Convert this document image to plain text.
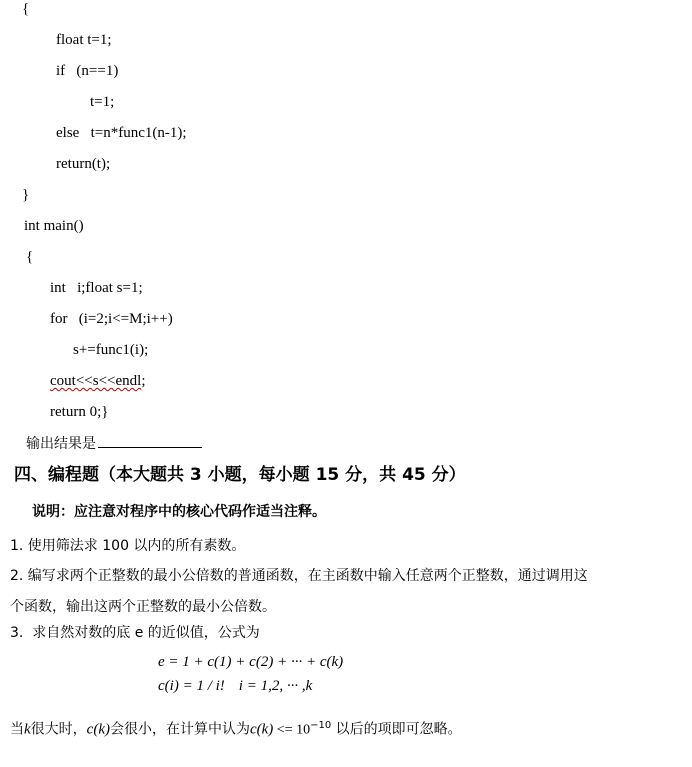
{
float t=1;
if   (n==1)
t=1;
else   t=n*func1(n-1);
return(t);
}
int main()
{
int   i;float s=1;
for   (i=2;i<=M;i++)
s+=func1(i);
cout<<s<<endl;
return 0;}
输出结果是
四、编程题（本大题共 3 小题，每小题 15 分，共 45 分）
说明：应注意对程序中的核心代码作适当注释。
1. 使用筛法求 100 以内的所有素数。
2. 编写求两个正整数的最小公倍数的普通函数，在主函数中输入任意两个正整数，通过调用这
个函数，输出这两个正整数的最小公倍数。
3.  求自然对数的底 e 的近似值，公式为
e = 1 + c(1) + c(2) + ··· + c(k)
c(i) = 1 / i! i = 1,2, ··· ,k
当k很大时，c(k)会很小，在计算中认为$c(k) <= 10^{-10}$ 以后的项即可忽略。
